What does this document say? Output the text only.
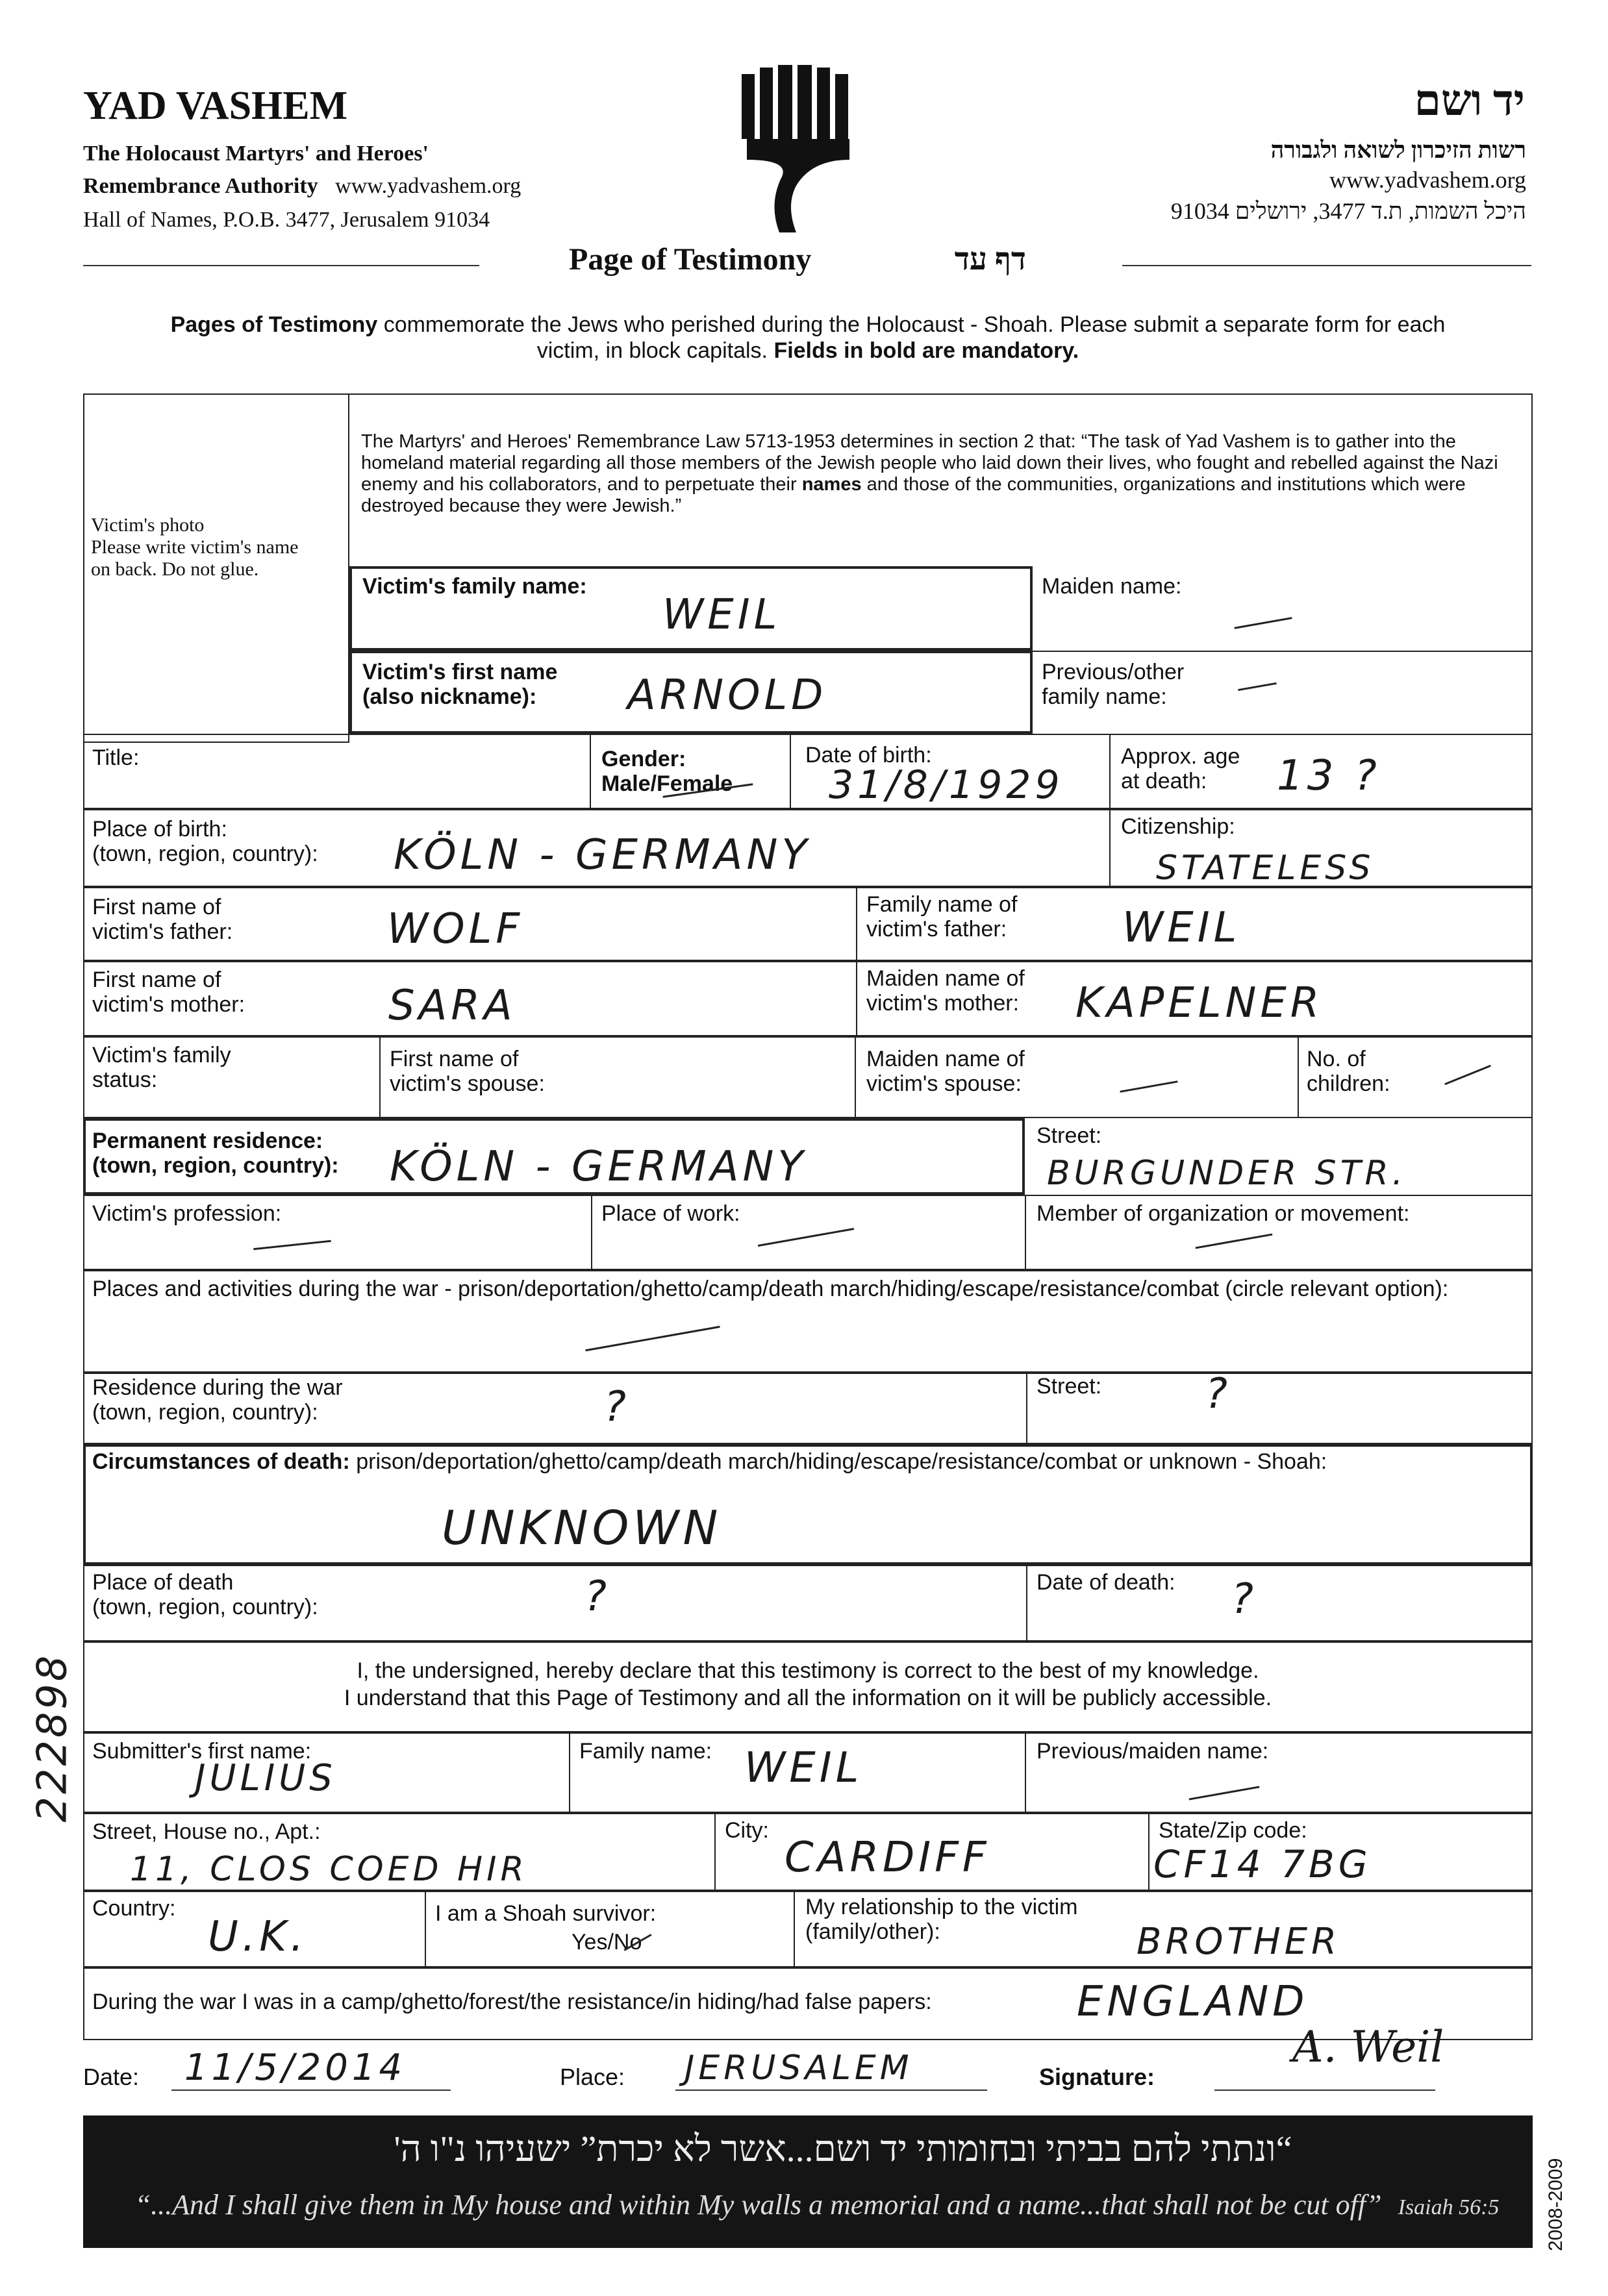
YAD VASHEM
The Holocaust Martyrs' and Heroes'
Remembrance Authority www.yadvashem.org
Hall of Names, P.O.B. 3477, Jerusalem 91034
יד ושם
רשות הזיכרון לשואה ולגבורה
www.yadvashem.org
היכל השמות, ת.ד 3477, ירושלים 91034
Page of Testimony	דף עד
Pages of Testimony commemorate the Jews who perished during the Holocaust - Shoah. Please submit a separate form for each
victim, in block capitals. Fields in bold are mandatory.
Victim's photo
Please write victim's name
on back. Do not glue.
The Martyrs' and Heroes' Remembrance Law 5713-1953 determines in section 2 that: “The task of Yad Vashem is to gather into the homeland material regarding all those members of the Jewish people who laid down their lives, who fought and rebelled against the Nazi enemy and his collaborators, and to perpetuate their names and those of the communities, organizations and institutions which were destroyed because they were Jewish.”
Victim's family name:
WEIL
Victim's first name
(also nickname):	ARNOLD
Maiden name:
Previous/other
family name:
Title:	Gender:
Male/Female
Date of birth:
31/8/1929
Approx. age
at death:	13 ?
Place of birth:
(town, region, country): KÖLN - GERMANY
Citizenship:
STATELESS
First name of
victim's father:	WOLF
Family name of
victim's father:	WEIL
First name of
victim's mother:	SARA
Maiden name of
victim's mother: KAPELNER
Victim's family
status:
First name of
victim's spouse:
Maiden name of
victim's spouse:
No. of
children:
Permanent residence:
(town, region, country): KÖLN - GERMANY
Street:
BURGUNDER STR.
Victim's profession:	Place of work:	Member of organization or movement:
Places and activities during the war - prison/deportation/ghetto/camp/death march/hiding/escape/resistance/combat (circle relevant option):
Residence during the war
(town, region, country):	?	Street: ?
Circumstances of death: prison/deportation/ghetto/camp/death march/hiding/escape/resistance/combat or unknown - Shoah:
UNKNOWN
Place of death
(town, region, country):	?	Date of death: ?
I, the undersigned, hereby declare that this testimony is correct to the best of my knowledge.
I understand that this Page of Testimony and all the information on it will be publicly accessible.
Submitter's first name:
JULIUS
Family name: WEIL	Previous/maiden name:
Street, House no., Apt.:
11, CLOS COED HIR
City:
CARDIFF
State/Zip code:
CF14 7BG
Country:
U.K.	I am a Shoah survivor:
Yes/No
My relationship to the victim
(family/other):	BROTHER
During the war I was in a camp/ghetto/forest/the resistance/in hiding/had false papers:	ENGLAND
Date: 11/5/2014	Place: JERUSALEM	Signature:
A. Weil
222898
“ונתתי להם בביתי ובחומותי יד ושם...אשר לא יכרת” ישעיהו נ"ו ה'
“...And I shall give them in My house and within My walls a memorial and a name...that shall not be cut off” Isaiah 56:5	2008-2009
